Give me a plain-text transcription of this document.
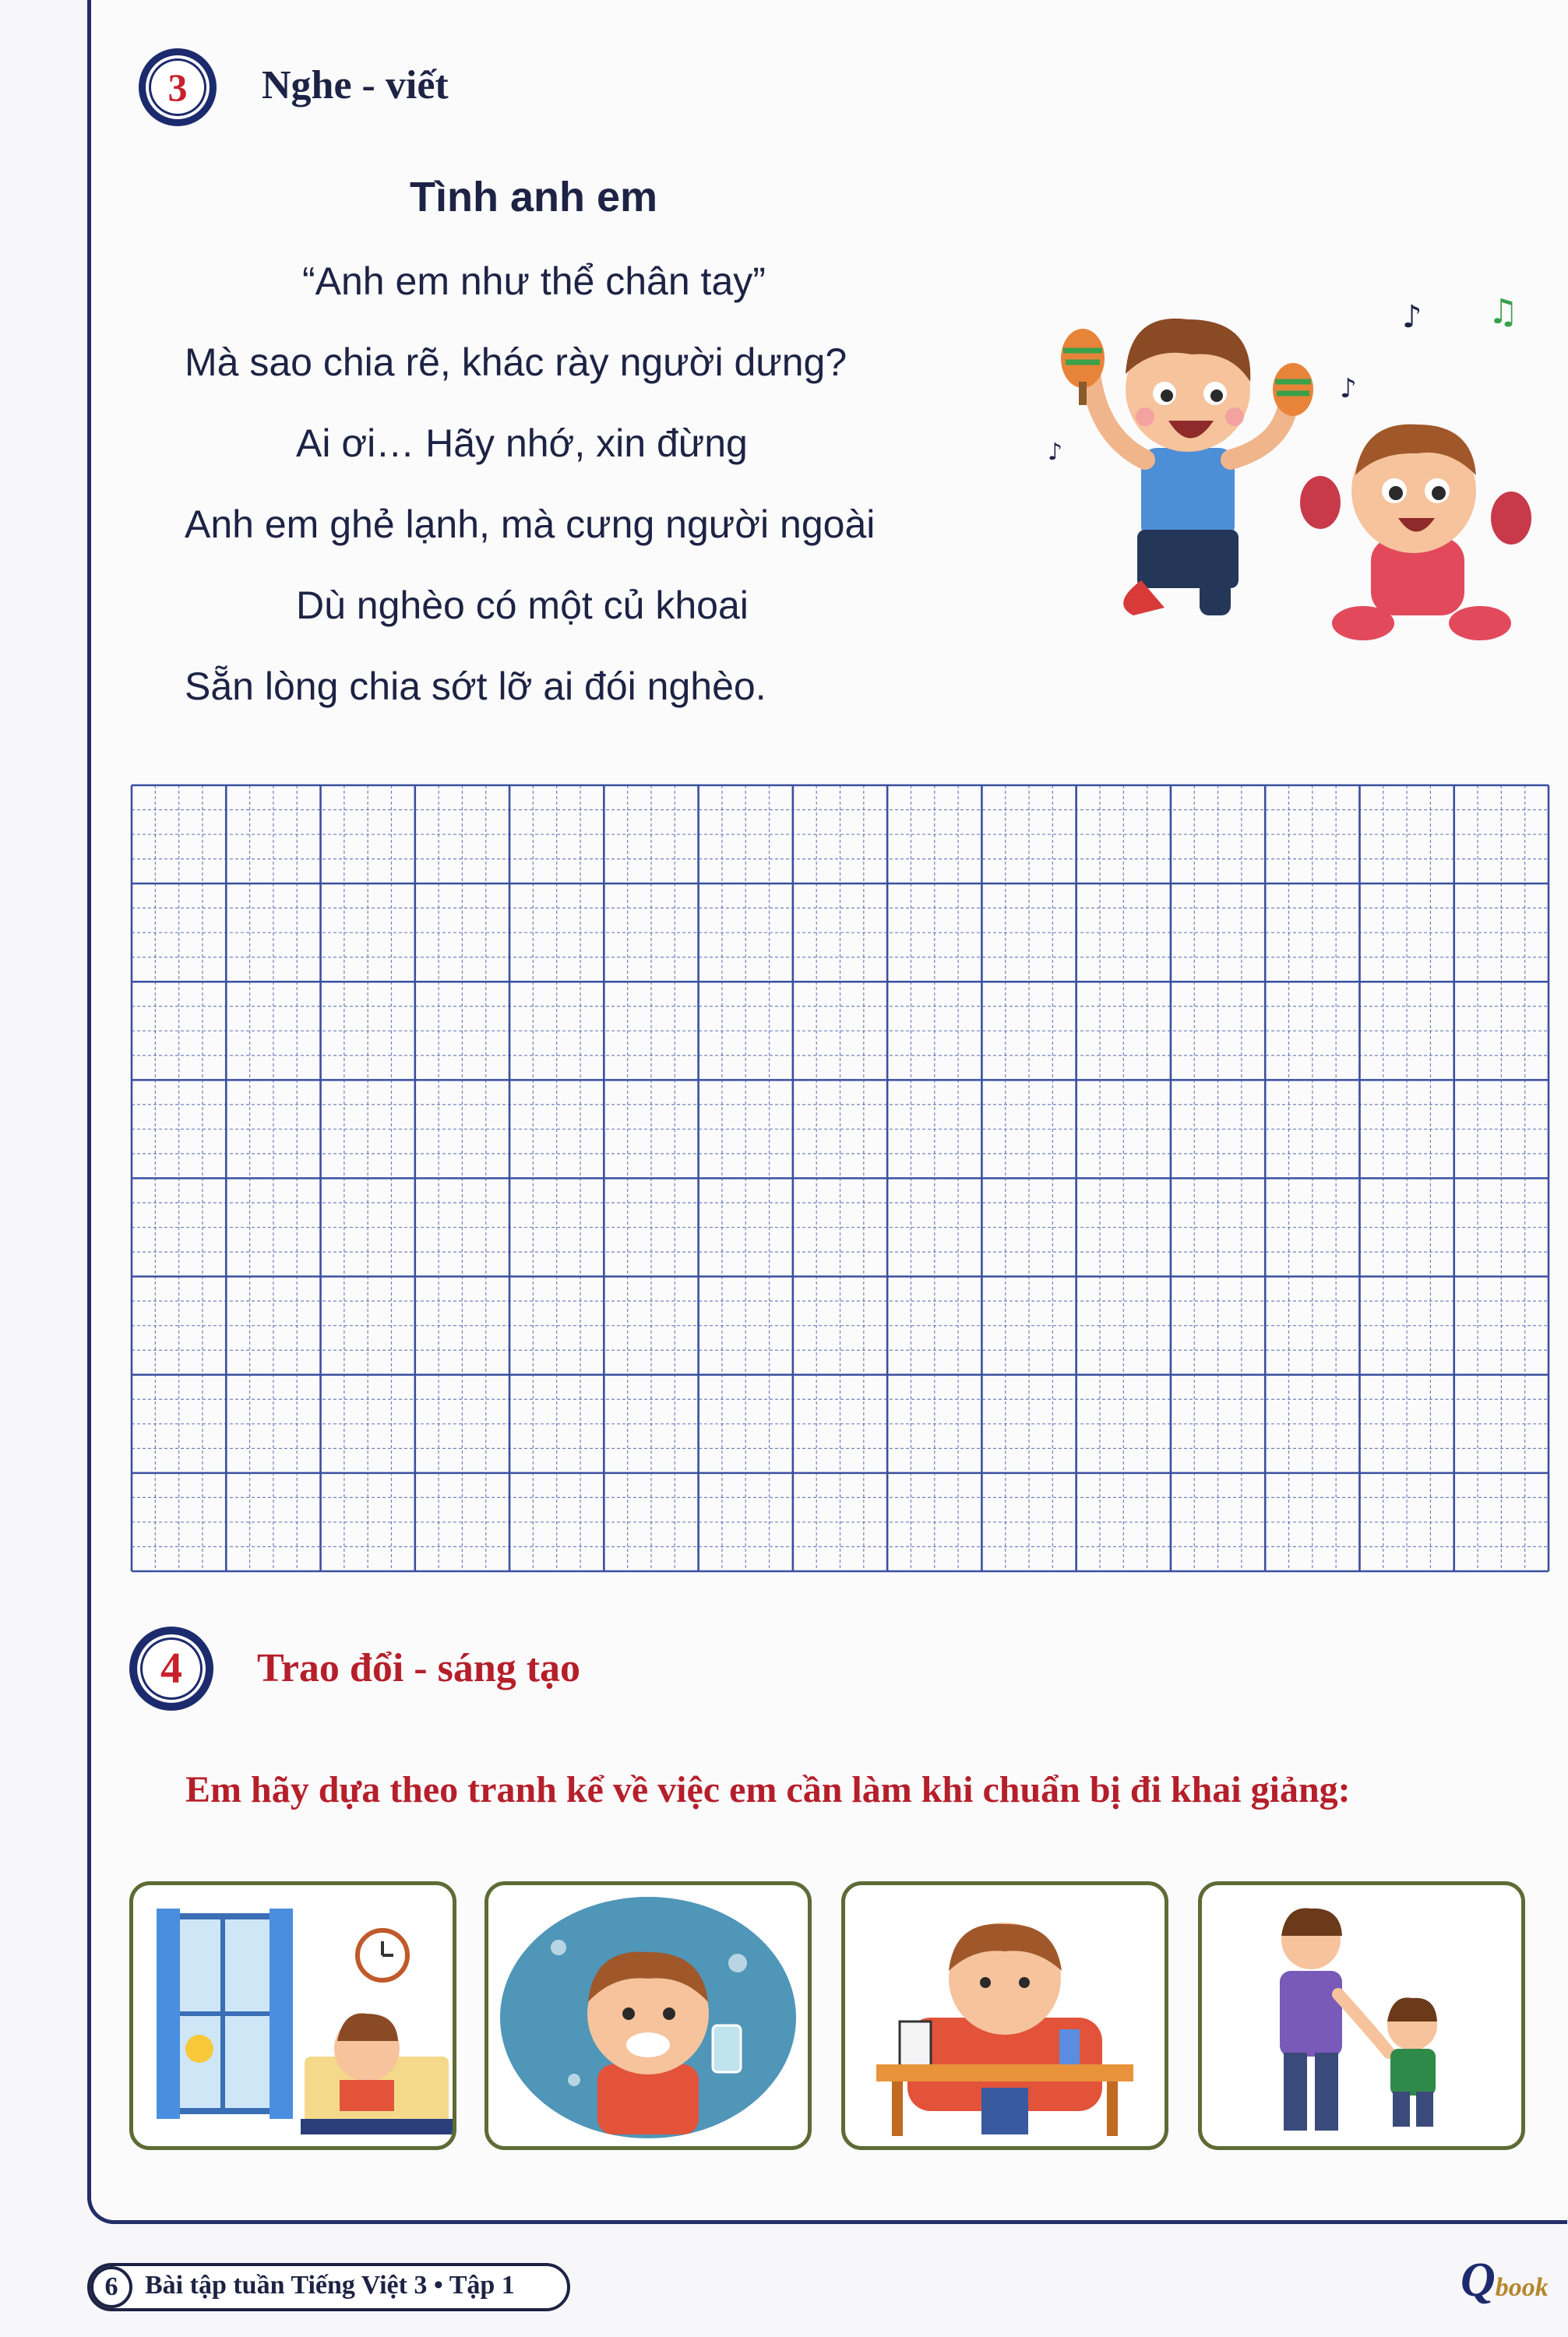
3	Nghe - viết
Tình anh em
“Anh em như thể chân tay”
Mà sao chia rẽ, khác rày người dưng?
Ai ơi… Hãy nhớ, xin đừng
Anh em ghẻ lạnh, mà cưng người ngoài
Dù nghèo có một củ khoai
Sẵn lòng chia sớt lỡ ai đói nghèo.
♪ ♫
♪
♪
4	Trao đổi - sáng tạo
Em hãy dựa theo tranh kể về việc em cần làm khi chuẩn bị đi khai giảng:
6	Bài tập tuần Tiếng Việt 3 • Tập 1	Qbook
